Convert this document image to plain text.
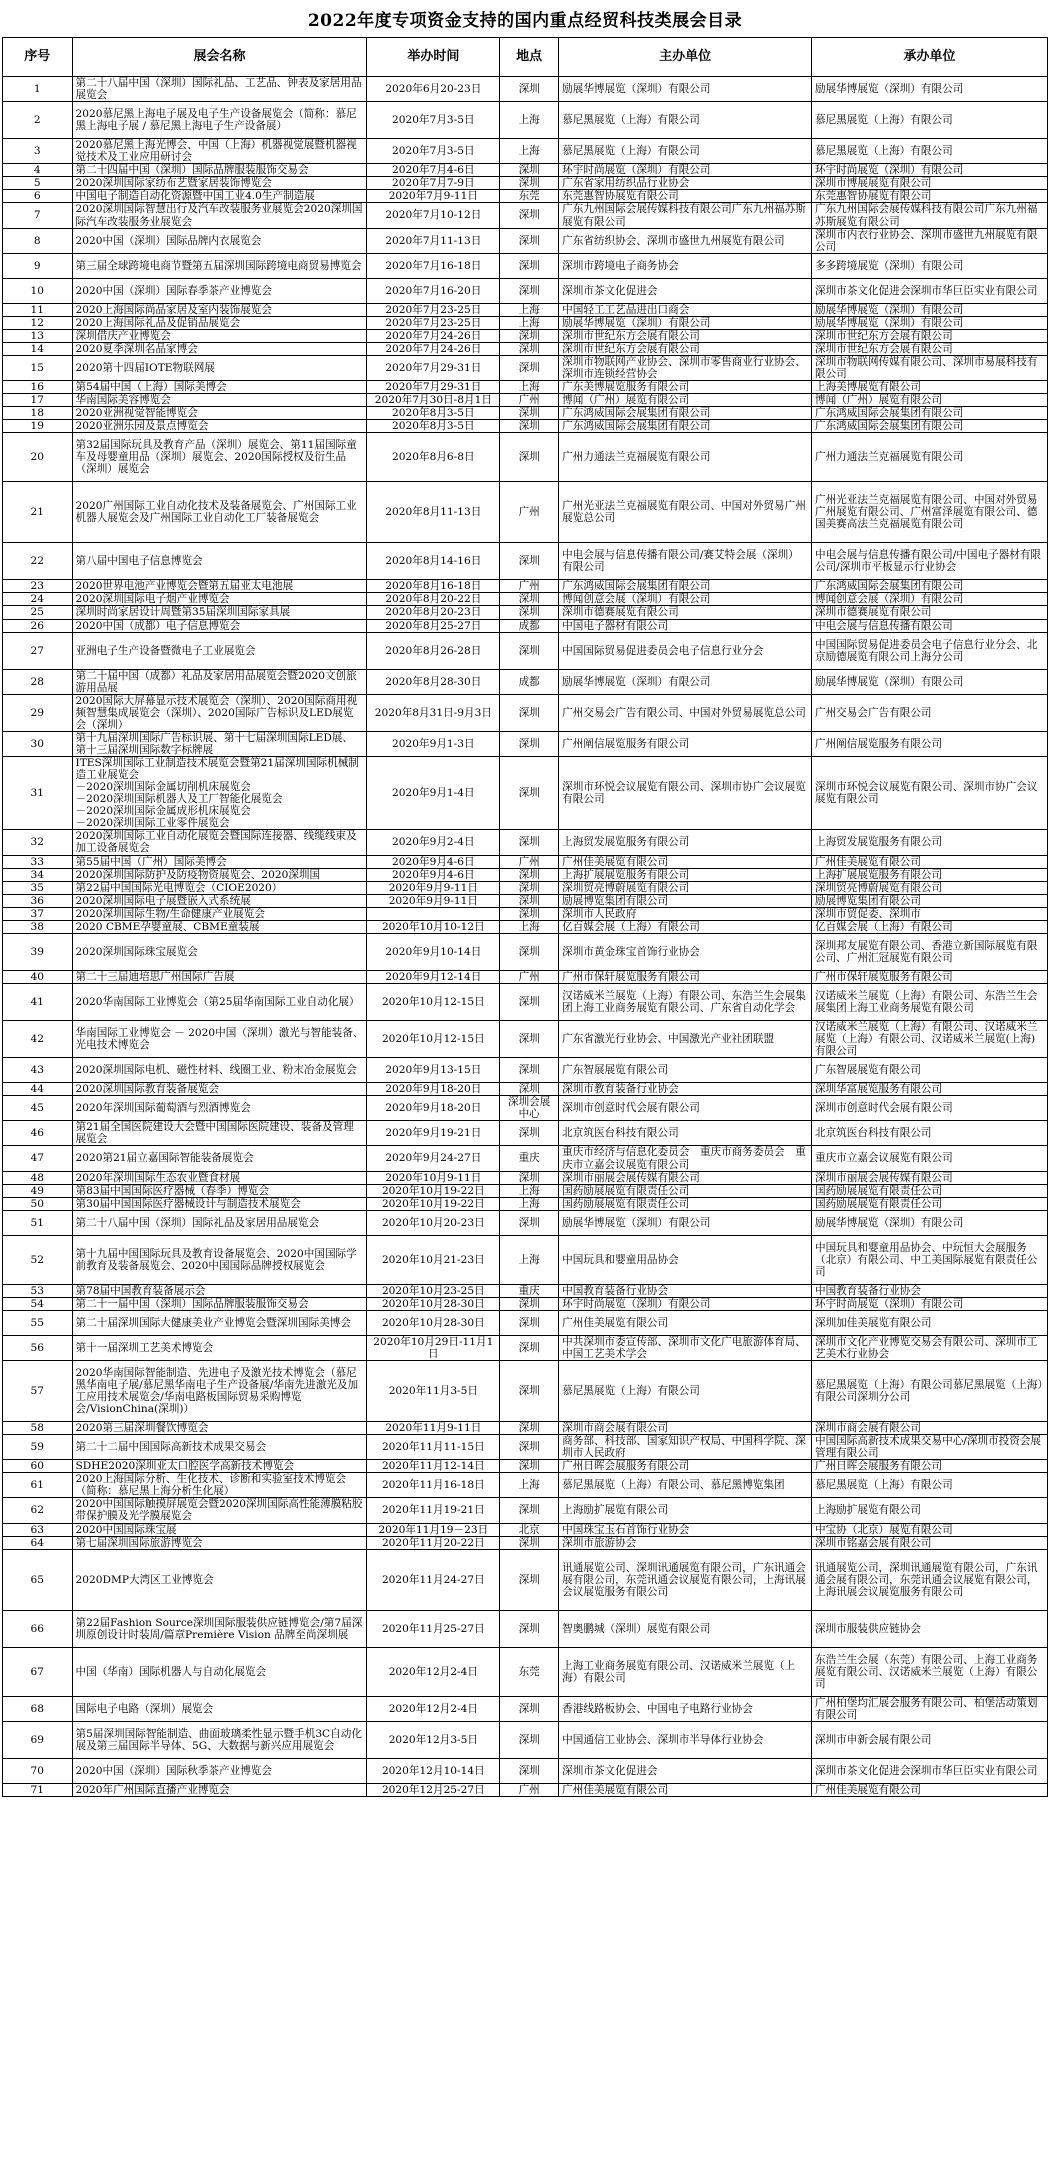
2022年度专项资金支持的国内重点经贸科技类展会目录
序号	展会名称	举办时间	地点	主办单位	承办单位
1	第二十八届中国（深圳）国际礼品、工艺品、钟表及家居用品展览会	2020年6月20-23日	深圳	励展华博展览（深圳）有限公司	励展华博展览（深圳）有限公司
2	2020慕尼黑上海电子展及电子生产设备展览会（简称：慕尼黑上海电子展 / 慕尼黑上海电子生产设备展）	2020年7月3-5日	上海	慕尼黑展览（上海）有限公司	慕尼黑展览（上海）有限公司
3	2020慕尼黑上海光博会、中国（上海）机器视觉展暨机器视觉技术及工业应用研讨会	2020年7月3-5日	上海	慕尼黑展览（上海）有限公司	慕尼黑展览（上海）有限公司
4	第二十四届中国（深圳）国际品牌服装服饰交易会	2020年7月4-6日	深圳	环宇时尚展览（深圳）有限公司	环宇时尚展览（深圳）有限公司
5	2020深圳国际家纺布艺暨家居装饰博览会	2020年7月7-9日	深圳	广东省家用纺织品行业协会	深圳市博展展览有限公司
6	中国电子制造自动化资源暨中国工业4.0生产制造展	2020年7月9-11日	东莞	东莞惠智协展览有限公司	东莞惠智协展览有限公司
7	2020深圳国际智慧出行及汽车改装服务业展览会2020深圳国际汽车改装服务业展览会	2020年7月10-12日	深圳	广东九州国际会展传媒科技有限公司广东九州福苏斯展览有限公司	广东九州国际会展传媒科技有限公司广东九州福苏斯展览有限公司
8	2020中国（深圳）国际品牌内衣展览会	2020年7月11-13日	深圳	广东省纺织协会、深圳市盛世九州展览有限公司	深圳市内衣行业协会、深圳市盛世九州展览有限公司
9	第三届全球跨境电商节暨第五届深圳国际跨境电商贸易博览会	2020年7月16-18日	深圳	深圳市跨境电子商务协会	多多跨境展览（深圳）有限公司
10	2020中国（深圳）国际春季茶产业博览会	2020年7月16-20日	深圳	深圳市茶文化促进会	深圳市茶文化促进会深圳市华巨臣实业有限公司
11	2020上海国际尚品家居及室内装饰展览会	2020年7月23-25日	上海	中国轻工工艺品进出口商会	励展华博展览（深圳）有限公司
12	2020上海国际礼品及促销品展览会	2020年7月23-25日	上海	励展华博展览（深圳）有限公司	励展华博展览（深圳）有限公司
13	深圳借庆产业博览会	2020年7月24-26日	深圳	深圳市世纪东方会展有限公司	深圳市世纪东方会展有限公司
14	2020夏季深圳名品家博会	2020年7月24-26日	深圳	深圳市世纪东方会展有限公司	深圳市世纪东方会展有限公司
15	2020第十四届IOTE物联网展	2020年7月29-31日	深圳	深圳市物联网产业协会、深圳市零售商业行业协会、深圳市连锁经营协会	深圳市物联网传媒有限公司、深圳市易展科技有限公司
16	第54届中国（上海）国际美博会	2020年7月29-31日	上海	广东美博展览服务有限公司	上海美博展览有限公司
17	华南国际美容博览会	2020年7月30日-8月1日	广州	博闻（广州）展览有限公司	博闻（广州）展览有限公司
18	2020亚洲视觉智能博览会	2020年8月3-5日	深圳	广东鸿威国际会展集团有限公司	广东鸿威国际会展集团有限公司
19	2020亚洲乐园及景点博览会	2020年8月3-5日	深圳	广东鸿威国际会展集团有限公司	广东鸿威国际会展集团有限公司
20	第32届国际玩具及教育产品（深圳）展览会、第11届国际童车及母婴童用品（深圳）展览会、2020国际授权及衍生品（深圳）展览会	2020年8月6-8日	深圳	广州力通法兰克福展览有限公司	广州力通法兰克福展览有限公司
21	2020广州国际工业自动化技术及装备展览会、广州国际工业机器人展览会及广州国际工业自动化工厂装备展览会	2020年8月11-13日	广州	广州光亚法兰克福展览有限公司、中国对外贸易广州展览总公司	广州光亚法兰克福展览有限公司、中国对外贸易广州展览有限公司、广州富泽展览有限公司、德国美赛高法兰克福展览有限公司
22	第八届中国电子信息博览会	2020年8月14-16日	深圳	中电会展与信息传播有限公司/赛艾特会展（深圳）有限公司	中电会展与信息传播有限公司/中国电子器材有限公司/深圳市平板显示行业协会
23	2020世界电池产业博览会暨第五届亚太电池展	2020年8月16-18日	广州	广东鸿威国际会展集团有限公司	广东鸿威国际会展集团有限公司
24	2020深圳国际电子烟产业博览会	2020年8月20-22日	深圳	博闻创意会展（深圳）有限公司	博闻创意会展（深圳）有限公司
25	深圳时尚家居设计周暨第35届深圳国际家具展	2020年8月20-23日	深圳	深圳市德赛展览有限公司	深圳市德赛展览有限公司
26	2020中国（成都）电子信息博览会	2020年8月25-27日	成都	中国电子器材有限公司	中电会展与信息传播有限公司
27	亚洲电子生产设备暨微电子工业展览会	2020年8月26-28日	深圳	中国国际贸易促进委员会电子信息行业分会	中国国际贸易促进委员会电子信息行业分会、北京励德展览有限公司上海分公司
28	第二十届中国（成都）礼品及家居用品展览会暨2020文创旅游用品展	2020年8月28-30日	成都	励展华博展览（深圳）有限公司	励展华博展览（深圳）有限公司
29	2020国际大屏幕显示技术展览会（深圳）、2020国际商用视频智慧集成展览会（深圳）、2020国际广告标识及LED展览会（深圳）	2020年8月31日-9月3日	深圳	广州交易会广告有限公司、中国对外贸易展览总公司	广州交易会广告有限公司
30	第十九届深圳国际广告标识展、第十七届深圳国际LED展、第十三届深圳国际数字标牌展	2020年9月1-3日	深圳	广州阐信展览服务有限公司	广州阐信展览服务有限公司
31	ITES深圳国际工业制造技术展览会暨第21届深圳国际机械制造工业展览会
－2020深圳国际金属切削机床展览会
－2020深圳国际机器人及工厂智能化展览会
－2020深圳国际金属成形机床展览会
－2020深圳国际工业零件展览会	2020年9月1-4日	深圳	深圳市环悦会议展览有限公司、深圳市协广会议展览有限公司	深圳市环悦会议展览有限公司、深圳市协广会议展览有限公司
32	2020深圳国际工业自动化展览会暨国际连接器、线缆线束及加工设备展览会	2020年9月2-4日	深圳	上海贸发展览服务有限公司	上海贸发展览服务有限公司
33	第55届中国（广州）国际美博会	2020年9月4-6日	广州	广州佳美展览有限公司	广州佳美展览有限公司
34	2020深圳国际防护及防疫物资展览会、2020深圳国	2020年9月4-6日	深圳	上海扩展展览服务有限公司	上海扩展展览服务有限公司
35	第22届中国国际光电博览会（CIOE2020）	2020年9月9-11日	深圳	深圳贸亮博蔚展览有限公司	深圳贸亮博蔚展览有限公司
36	2020深圳国际电子展暨嵌入式系统展	2020年9月9-11日	深圳	励展博览集团有限公司	励展博览集团有限公司
37	2020深圳国际生物/生命健康产业展览会		深圳	深圳市人民政府	深圳市贸促委、深圳市
38	2020 CBME孕婴童展、CBME童装展	2020年10月10-12日	上海	亿百媒会展（上海）有限公司	亿百媒会展（上海）有限公司
39	2020深圳国际珠宝展览会	2020年9月10-14日	深圳	深圳市黄金珠宝首饰行业协会	深圳邦友展览有限公司、香港立新国际展览有限公司、广州汇冠展览有限公司
40	第二十三届迪培思广州国际广告展	2020年9月12-14日	广州	广州市保轩展览服务有限公司	广州市保轩展览服务有限公司
41	2020华南国际工业博览会（第25届华南国际工业自动化展）	2020年10月12-15日	深圳	汉诺威米兰展览（上海）有限公司、东浩兰生会展集团上海工业商务展览有限公司、广东省自动化学会	汉诺威米兰展览（上海）有限公司、东浩兰生会展集团上海工业商务展览有限公司
42	华南国际工业博览会 － 2020中国（深圳）激光与智能装备、光电技术博览会	2020年10月12-15日	深圳	广东省激光行业协会、中国激光产业社团联盟	汉诺威米兰展览（上海）有限公司、汉诺威米兰展览（上海）有限公司、汉诺威米兰展览(上海)有限公司
43	2020深圳国际电机、磁性材料、线圈工业、粉末冶金展览会	2020年9月13-15日	深圳	广东智展展览有限公司	广东智展展览有限公司
44	2020深圳国际教育装备展览会	2020年9月18-20日	深圳	深圳市教育装备行业协会	深圳华富展览服务有限公司
45	2020年深圳国际葡萄酒与烈酒博览会	2020年9月18-20日	深圳会展中心	深圳市创意时代会展有限公司	深圳市创意时代会展有限公司
46	第21届全国医院建设大会暨中国国际医院建设、装备及管理展览会	2020年9月19-21日	深圳	北京筑医台科技有限公司	北京筑医台科技有限公司
47	2020第21届立嘉国际智能装备展览会	2020年9月24-27日	重庆	重庆市经济与信息化委员会　重庆市商务委员会　重庆市立嘉会议展览有限公司	重庆市立嘉会议展览有限公司
48	2020年深圳国际生态农业暨食材展	2020年10月9-11日	深圳	深圳市丽展会展传媒有限公司	深圳市丽展会展传媒有限公司
49	第83届中国国际医疗器械（春季）博览会	2020年10月19-22日	上海	国药励展展览有限责任公司	国药励展展览有限责任公司
50	第30届中国国际医疗器械设计与制造技术展览会	2020年10月19-22日	上海	国药励展展览有限责任公司	国药励展展览有限责任公司
51	第二十八届中国（深圳）国际礼品及家居用品展览会	2020年10月20-23日	深圳	励展华博展览（深圳）有限公司	励展华博展览（深圳）有限公司
52	第十九届中国国际玩具及教育设备展览会、2020中国国际学前教育及装备展览会、2020中国国际品牌授权展览会	2020年10月21-23日	上海	中国玩具和婴童用品协会	中国玩具和婴童用品协会、中玩恒大会展服务（北京）有限公司、中工美国际展览有限责任公司
53	第78届中国教育装备展示会	2020年10月23-25日	重庆	中国教育装备行业协会	中国教育装备行业协会
54	第二十一届中国（深圳）国际品牌服装服饰交易会	2020年10月28-30日	深圳	环宇时尚展览（深圳）有限公司	环宇时尚展览（深圳）有限公司
55	第二十届深圳国际大健康美业产业博览会暨深圳国际美博会	2020年10月28-30日	深圳	广州佳美展览有限公司	深圳加佳美展览有限公司
56	第十一届深圳工艺美术博览会	2020年10月29日-11月1日	深圳	中共深圳市委宣传部、深圳市文化广电旅游体育局、中国工艺美术学会	深圳市文化产业博览交易会有限公司、深圳市工艺美术行业协会
57	2020华南国际智能制造、先进电子及激光技术博览会（慕尼黑华南电子展/慕尼黑华南电子生产设备展/华南先进激光及加工应用技术展览会/华南电路板国际贸易采购博览会/VisionChina(深圳)）	2020年11月3-5日	深圳	慕尼黑展览（上海）有限公司	慕尼黑展览（上海）有限公司慕尼黑展览（上海）有限公司深圳分公司
58	2020第三届深圳餐饮博览会	2020年11月9-11日	深圳	深圳市商会展有限公司	深圳市商会展有限公司
59	第二十二届中国国际高新技术成果交易会	2020年11月11-15日	深圳	商务部、科技部、国家知识产权局、中国科学院、深圳市人民政府	中国国际高新技术成果交易中心/深圳市投资会展管理有限公司
60	SDHE2020深圳亚太口腔医学高新技术博览会	2020年11月12-14日	深圳	广州日晖会展服务有限公司	广州日晖会展服务有限公司
61	2020上海国际分析、生化技术、诊断和实验室技术博览会（简称：慕尼黑上海分析生化展）	2020年11月16-18日	上海	慕尼黑展览（上海）有限公司、慕尼黑博览集团	慕尼黑展览（上海）有限公司
62	2020中国国际触摸屏展览会暨2020深圳国际高性能薄膜粘胶带保护膜及光学膜展览会	2020年11月19-21日	深圳	上海励扩展览有限公司	上海励扩展览有限公司
63	2020中国国际珠宝展	2020年11月19－23日	北京	中国珠宝玉石首饰行业协会	中宝协（北京）展览有限公司
64	第七届深圳国际旅游博览会	2020年11月20-22日	深圳	深圳市旅游协会	深圳市铭嘉会展有限公司
65	2020DMP大湾区工业博览会	2020年11月24-27日	深圳	讯通展览公司、深圳讯通展览有限公司，广东讯通会展有限公司，东莞讯通会议展览有限公司，上海讯展会议展览服务有限公司	讯通展览公司，深圳讯通展览有限公司，广东讯通会展有限公司，东莞讯通会议展览有限公司，上海讯展会议展览服务有限公司
66	第22届Fashion Source深圳国际服装供应链博览会/第7届深圳原创设计时装周/篇章Première Vision 品牌至尚深圳展	2020年11月25-27日	深圳	智奥鹏城（深圳）展览有限公司	深圳市服装供应链协会
67	中国（华南）国际机器人与自动化展览会	2020年12月2-4日	东莞	上海工业商务展览有限公司、汉诺威米兰展览（上海）有限公司	东浩兰生会展（东莞）有限公司、上海工业商务展览有限公司、汉诺威米兰展览（上海）有限公司
68	国际电子电路（深圳）展览会	2020年12月2-4日	深圳	香港线路板协会、中国电子电路行业协会	广州柏堡均汇展会服务有限公司、柏堡活动策划有限公司
69	第5届深圳国际智能制造、曲面玻璃柔性显示暨手机3C自动化展及第三届国际半导体、5G、大数据与新兴应用展览会	2020年12月3-5日	深圳	中国通信工业协会、深圳市半导体行业协会	深圳市申新会展有限公司
70	2020中国（深圳）国际秋季茶产业博览会	2020年12月10-14日	深圳	深圳市茶文化促进会	深圳市茶文化促进会深圳市华巨臣实业有限公司
71	2020年广州国际直播产业博览会	2020年12月25-27日	广州	广州佳美展览有限公司	广州佳美展览有限公司
